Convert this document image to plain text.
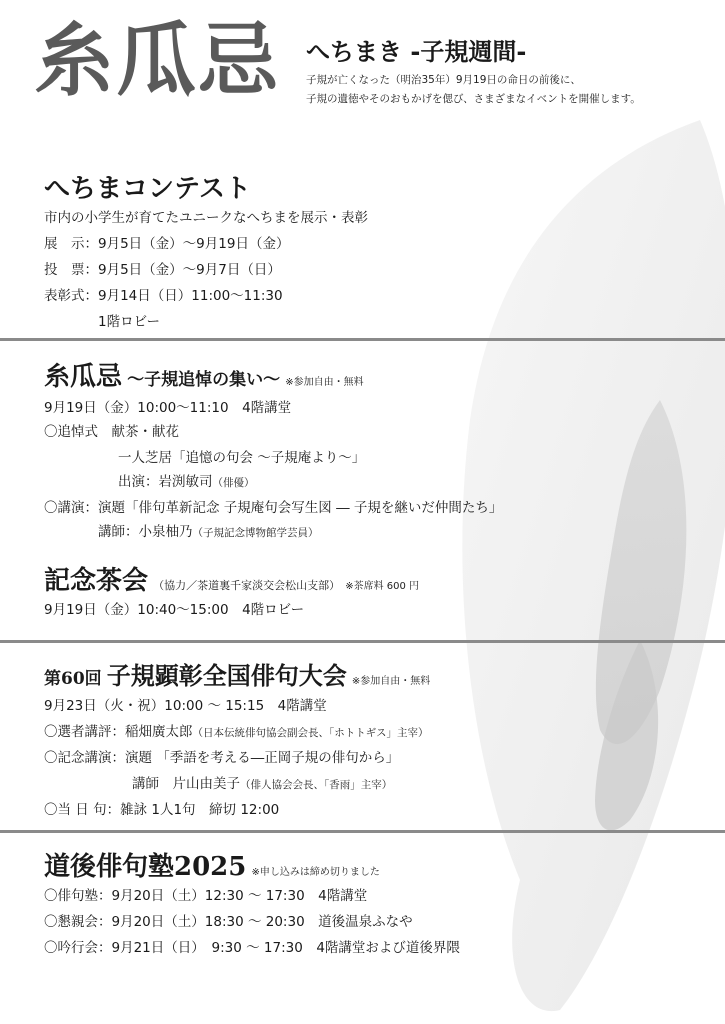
糸瓜忌 へちまき -子規週間-
子規が亡くなった（明治35年）9月19日の命日の前後に、
子規の遺徳やそのおもかげを偲び、さまざまなイベントを開催します。
へちまコンテスト
市内の小学生が育てたユニークなへちまを展示・表彰
展　示：9月5日（金）～9月19日（金）
投　票：9月5日（金）～9月7日（日）
表彰式：9月14日（日）11:00～11:30
1階ロビー
糸瓜忌 ～子規追悼の集い～ ※参加自由・無料
9月19日（金）10:00～11:10　4階講堂
〇追悼式　献茶・献花
一人芝居「追憶の句会 ～子規庵より～」
出演：岩渕敏司（俳優）
〇講演：演題「俳句革新記念 子規庵句会写生図 ― 子規を継いだ仲間たち」
講師：小泉柚乃（子規記念博物館学芸員）
記念茶会 （協力／茶道裏千家淡交会松山支部） ※茶席料 600 円
9月19日（金）10:40～15:00　4階ロビー
第60回 子規顕彰全国俳句大会 ※参加自由・無料
9月23日（火・祝）10:00 ～ 15:15　4階講堂
〇選者講評：稲畑廣太郎（日本伝統俳句協会副会長、「ホトトギス」主宰）
〇記念講演：演題 「季語を考える―正岡子規の俳句から」
講師　片山由美子（俳人協会会長、「香雨」主宰）
〇当 日 句：雑詠 1人1句　締切 12:00
道後俳句塾2025 ※申し込みは締め切りました
〇俳句塾：9月20日（土）12:30 ～ 17:30　4階講堂
〇懇親会：9月20日（土）18:30 ～ 20:30　道後温泉ふなや
〇吟行会：9月21日（日）　9:30 ～ 17:30　4階講堂および道後界隈
